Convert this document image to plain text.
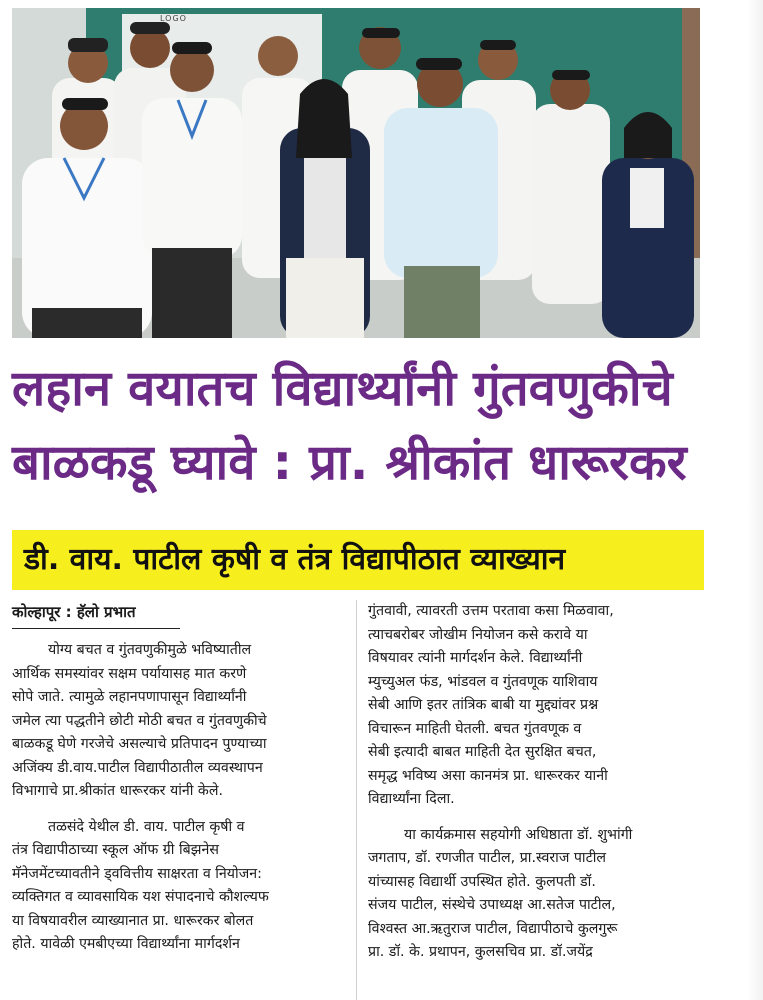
LOGO
लहान वयातच विद्यार्थ्यांनी गुंतवणुकीचे
बाळकडू घ्यावे : प्रा. श्रीकांत धारूरकर
डी. वाय. पाटील कृषी व तंत्र विद्यापीठात व्याख्यान
कोल्हापूर : हॅलो प्रभात

योग्य बचत व गुंतवणुकीमुळे भविष्यातील

आर्थिक समस्यांवर सक्षम पर्यायासह मात करणे

सोपे जाते. त्यामुळे लहानपणापासून विद्यार्थ्यांनी

जमेल त्या पद्धतीने छोटी मोठी बचत व गुंतवणुकीचे

बाळकडू घेणे गरजेचे असल्याचे प्रतिपादन पुण्याच्या

अजिंक्य डी.वाय.पाटील विद्यापीठातील व्यवस्थापन

विभागाचे प्रा.श्रीकांत धारूरकर यांनी केले.

तळसंदे येथील डी. वाय. पाटील कृषी व

तंत्र विद्यापीठाच्या स्कूल ऑफ ग्री बिझनेस

मॅनेजमेंटच्यावतीने ड्ववित्तीय साक्षरता व नियोजन:

व्यक्तिगत व व्यावसायिक यश संपादनाचे कौशल्यफ

या विषयावरील व्याख्यानात प्रा. धारूरकर बोलत

होते. यावेळी एमबीएच्या विद्यार्थ्यांना मार्गदर्शन

गुंतवावी, त्यावरती उत्तम परतावा कसा मिळवावा,

त्याचबरोबर जोखीम नियोजन कसे करावे या

विषयावर त्यांनी मार्गदर्शन केले. विद्यार्थ्यांनी

म्युच्युअल फंड, भांडवल व गुंतवणूक याशिवाय

सेबी आणि इतर तांत्रिक बाबी या मुद्द्यांवर प्रश्न

विचारून माहिती घेतली. बचत गुंतवणूक व

सेबी इत्यादी बाबत माहिती देत सुरक्षित बचत,

समृद्ध भविष्य असा कानमंत्र प्रा. धारूरकर यानी

विद्यार्थ्यांना दिला.

या कार्यक्रमास सहयोगी अधिष्ठाता डॉ. शुभांगी

जगताप, डॉ. रणजीत पाटील, प्रा.स्वराज पाटील

यांच्यासह विद्यार्थी उपस्थित होते. कुलपती डॉ.

संजय पाटील, संस्थेचे उपाध्यक्ष आ.सतेज पाटील,

विश्वस्त आ.ऋतुराज पाटील, विद्यापीठाचे कुलगुरू

प्रा. डॉ. के. प्रथापन, कुलसचिव प्रा. डॉ.जयेंद्र
